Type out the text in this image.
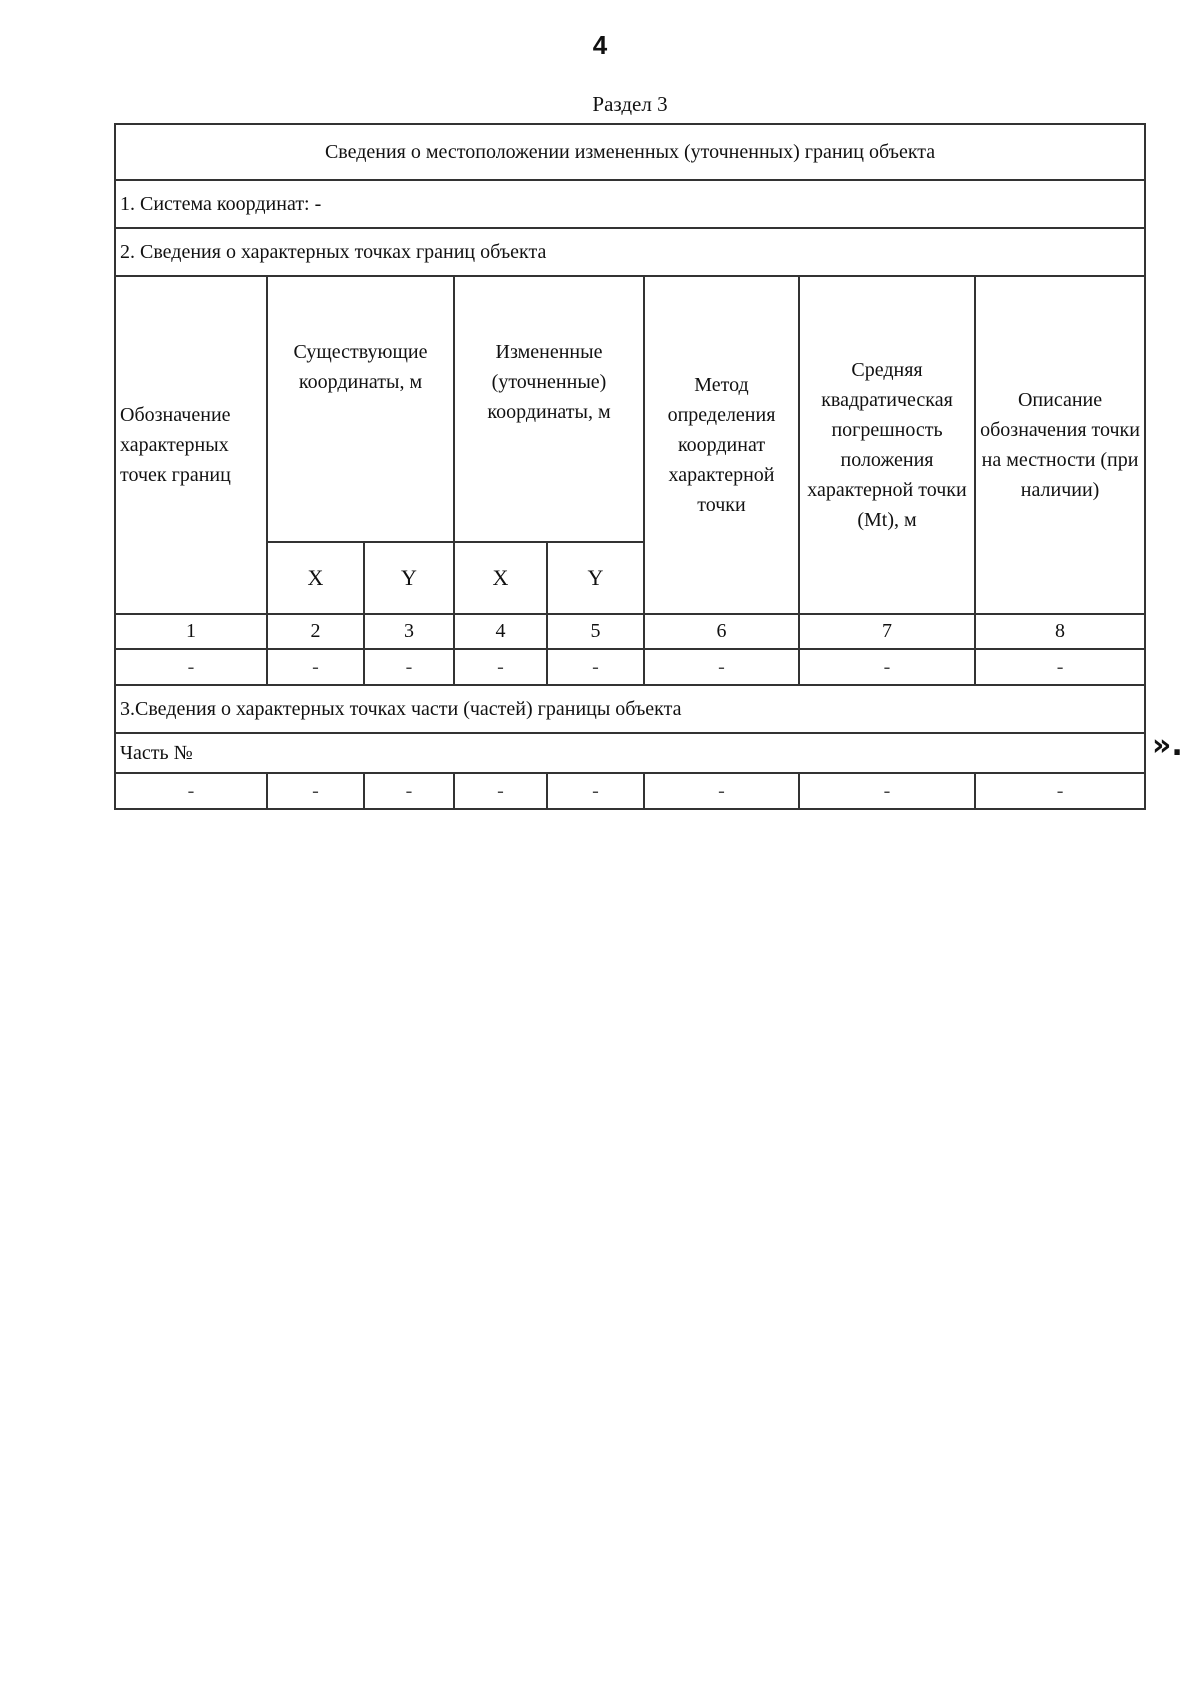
4
Раздел 3
Сведения о местоположении измененных (уточненных) границ объекта							
1. Система координат: -							
2. Сведения о характерных точках границ объекта							
Обозначение характерных точек границ	Существующие координаты, м		Измененные (уточненные) координаты, м		Метод определения координат характерной точки	Средняя квадратическая погрешность положения характерной точки (Mt), м	Описание обозначения точки на местности (при наличии)
	X	Y	X	Y			
1	2	3	4	5	6	7	8
-	-	-	-	-	-	-	-
3.Сведения о характерных точках части (частей) границы объекта							
Часть №							
-	-	-	-	-	-	-	-
».
